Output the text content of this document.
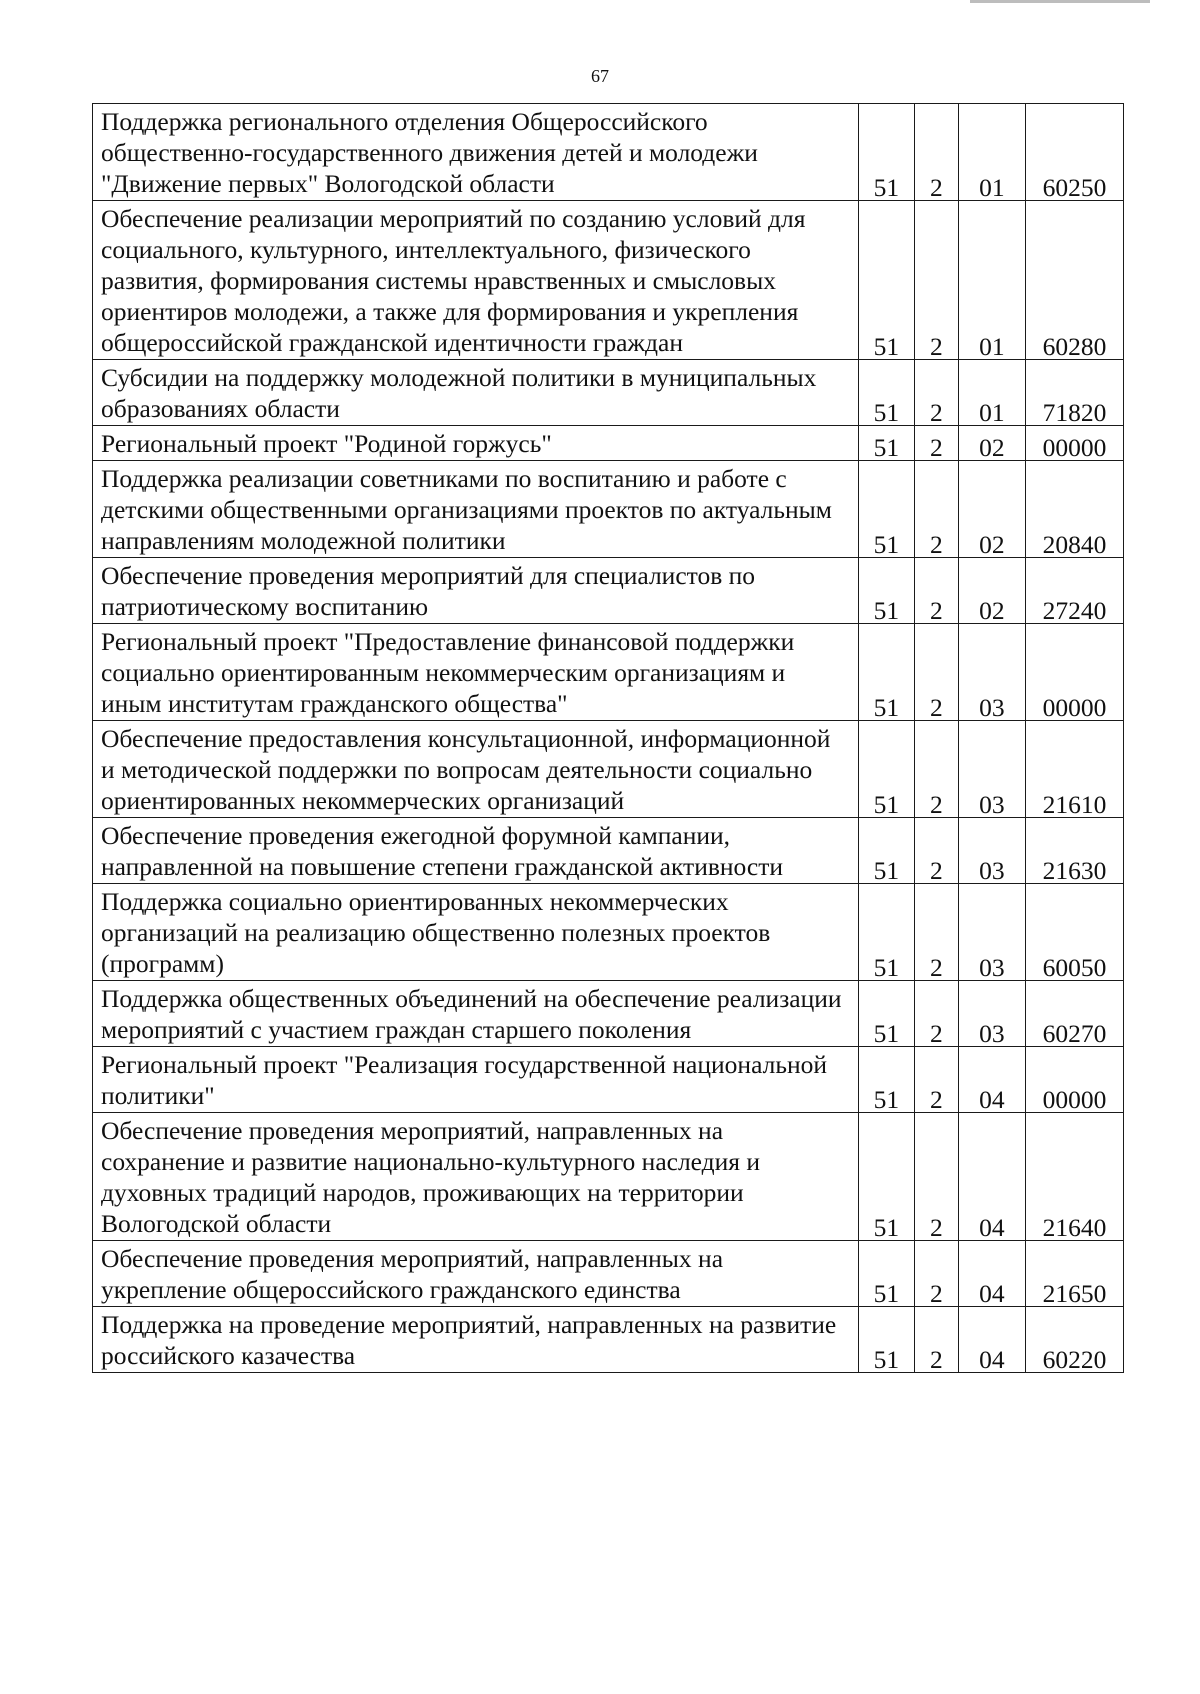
67
Поддержка регионального отделения Общероссийского общественно-государственного движения детей и молодежи "Движение первых" Вологодской области	51	2	01	60250
Обеспечение реализации мероприятий по созданию условий для социального, культурного, интеллектуального, физического развития, формирования системы нравственных и смысловых ориентиров молодежи, а также для формирования и укрепления общероссийской гражданской идентичности граждан	51	2	01	60280
Субсидии на поддержку молодежной политики в муниципальных образованиях области	51	2	01	71820
Региональный проект "Родиной горжусь"	51	2	02	00000
Поддержка реализации советниками по воспитанию и работе с детскими общественными организациями проектов по актуальным направлениям молодежной политики	51	2	02	20840
Обеспечение проведения мероприятий для специалистов по патриотическому воспитанию	51	2	02	27240
Региональный проект "Предоставление финансовой поддержки социально ориентированным некоммерческим организациям и иным институтам гражданского общества"	51	2	03	00000
Обеспечение предоставления консультационной, информационной и методической поддержки по вопросам деятельности социально ориентированных некоммерческих организаций	51	2	03	21610
Обеспечение проведения ежегодной форумной кампании, направленной на повышение степени гражданской активности	51	2	03	21630
Поддержка социально ориентированных некоммерческих организаций на реализацию общественно полезных проектов (программ)	51	2	03	60050
Поддержка общественных объединений на обеспечение реализации мероприятий с участием граждан старшего поколения	51	2	03	60270
Региональный проект "Реализация государственной национальной политики"	51	2	04	00000
Обеспечение проведения мероприятий, направленных на сохранение и развитие национально-культурного наследия и духовных традиций народов, проживающих на территории Вологодской области	51	2	04	21640
Обеспечение проведения мероприятий, направленных на укрепление общероссийского гражданского единства	51	2	04	21650
Поддержка на проведение мероприятий, направленных на развитие российского казачества	51	2	04	60220
